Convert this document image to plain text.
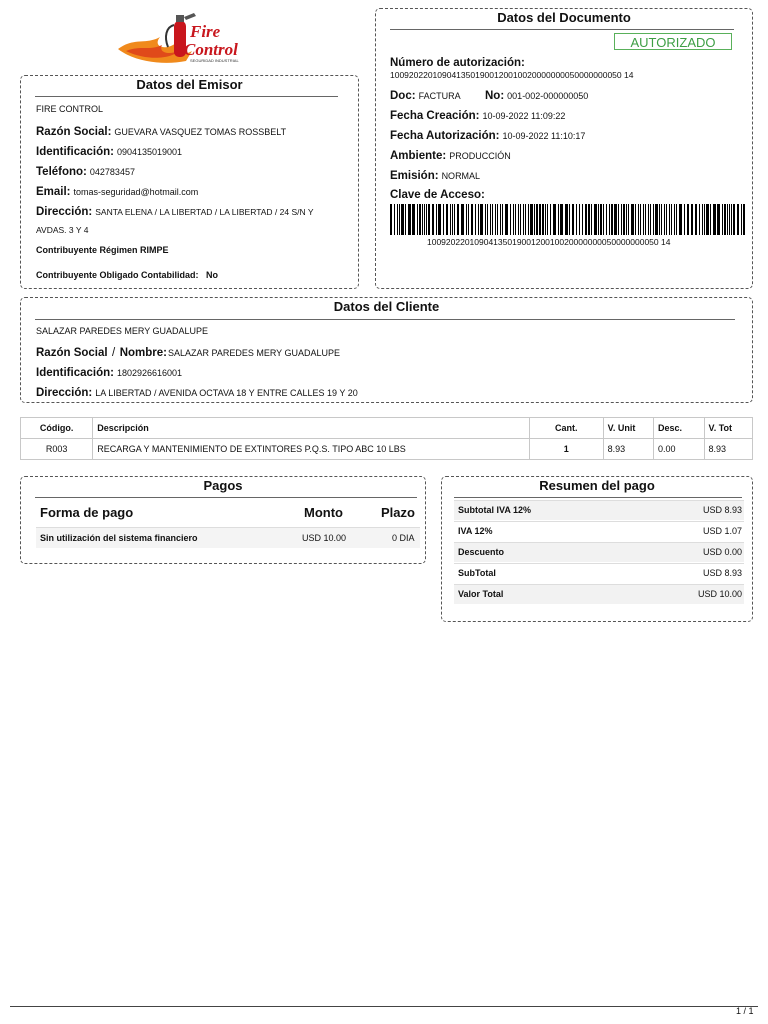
Fire
Control
SEGURIDAD INDUSTRIAL
Datos del Documento
AUTORIZADO
Número de autorización:
1009202201090413501900120010020000000050000000050 14
Doc: FACTURA No: 001-002-000000050
Fecha Creación: 10-09-2022 11:09:22
Fecha Autorización: 10-09-2022 11:10:17
Ambiente: PRODUCCIÓN
Emisión: NORMAL
Clave de Acceso:
1009202201090413501900120010020000000050000000050 14
Datos del Emisor
FIRE CONTROL
Razón Social: GUEVARA VASQUEZ TOMAS ROSSBELT
Identificación: 0904135019001
Teléfono: 042783457
Email: tomas-seguridad@hotmail.com
Dirección: SANTA ELENA / LA LIBERTAD / LA LIBERTAD / 24 S/N Y
AVDAS. 3 Y 4
Contribuyente Régimen RIMPE
Contribuyente Obligado Contabilidad: No
Datos del Cliente
SALAZAR PAREDES MERY GUADALUPE
Razón Social / Nombre:SALAZAR PAREDES MERY GUADALUPE
Identificación: 1802926616001
Dirección: LA LIBERTAD / AVENIDA OCTAVA 18 Y ENTRE CALLES 19 Y 20
Código.	Descripción	Cant.	V. Unit	Desc.	V. Tot
R003	RECARGA Y MANTENIMIENTO DE EXTINTORES P.Q.S. TIPO ABC 10 LBS	1	8.93	0.00	8.93
Pagos
Forma de pago	Monto	Plazo
Sin utilización del sistema financiero	USD 10.00	0 DIA
Resumen del pago
Subtotal IVA 12%	USD 8.93
IVA 12%	USD 1.07
Descuento	USD 0.00
SubTotal	USD 8.93
Valor Total	USD 10.00
1 / 1
